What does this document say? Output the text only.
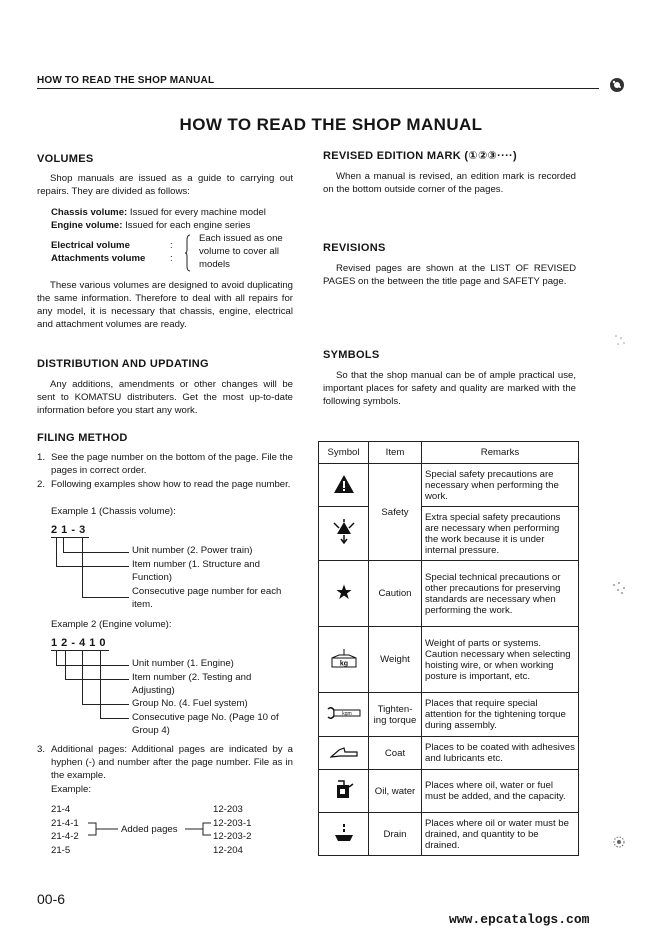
HOW TO READ THE SHOP MANUAL
HOW TO READ THE SHOP MANUAL
VOLUMES
Shop manuals are issued as a guide to carrying out repairs. They are divided as follows:
Chassis volume: Issued for every machine model
Engine volume: Issued for each engine series
Electrical volume	:
Attachments volume	:
Each issued as one volume to cover all models
These various volumes are designed to avoid duplicating the same information. Therefore to deal with all repairs for any model, it is necessary that chassis, engine, electrical and attachment volumes are ready.
DISTRIBUTION AND UPDATING
Any additions, amendments or other changes will be sent to KOMATSU distributers. Get the most up-to-date information before you start any work.
FILING METHOD
1. See the page number on the bottom of the page. File the pages in correct order.
2. Following examples show how to read the page number.
Example 1 (Chassis volume):
2 1 - 3
Unit number (2. Power train)
Item number (1. Structure and Function)
Consecutive page number for each item.
Example 2 (Engine volume):
1 2 - 4 1 0
Unit number (1. Engine)
Item number (2. Testing and Adjusting)
Group No. (4. Fuel system)
Consecutive page No. (Page 10 of Group 4)
3. Additional pages: Additional pages are indicated by a hyphen (-) and number after the page number. File as in the example.
Example:
21-4
21-4-1
21-4-2
21-5
12-203
12-203-1
12-203-2
12-204
Added pages
REVISED EDITION MARK (①②③····)
When a manual is revised, an edition mark is recorded on the bottom outside corner of the pages.
REVISIONS
Revised pages are shown at the LIST OF REVISED PAGES on the between the title page and SAFETY page.
SYMBOLS
So that the shop manual can be of ample practical use, important places for safety and quality are marked with the following symbols.
Symbol	Item	Remarks
	Safety	Special safety precautions are necessary when performing the work.
	Extra special safety precautions are necessary when performing the work because it is under internal pressure.
	Caution	Special technical precautions or other precautions for preserving standards are necessary when performing the work.

kg	Weight	Weight of parts or systems. Caution necessary when selecting hoisting wire, or when working posture is important, etc.

kgm	Tighten-
ing torque	Places that require special attention for the tightening torque during assembly.
	Coat	Places to be coated with adhesives and lubricants etc.
	Oil, water	Places where oil, water or fuel must be added, and the capacity.
	Drain	Places where oil or water must be drained, and quantity to be drained.
00-6
www.epcatalogs.com
